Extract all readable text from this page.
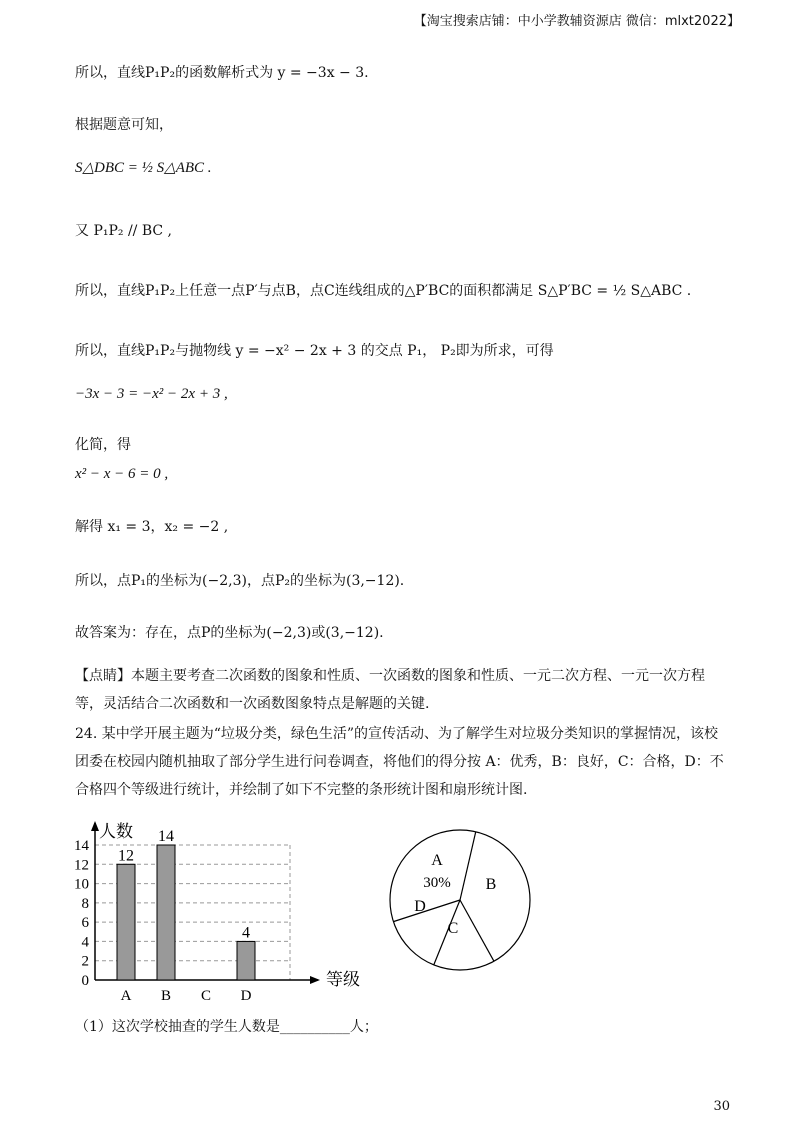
【淘宝搜索店铺：中小学教辅资源店 微信：mlxt2022】
所以，直线P₁P₂的函数解析式为 y = −3x − 3.
根据题意可知，
S△DBC = ½ S△ABC .
又 P₁P₂ // BC ,
所以，直线P₁P₂上任意一点P′与点B，点C连线组成的△P′BC的面积都满足 S△P′BC = ½ S△ABC .
所以，直线P₁P₂与抛物线 y = −x² − 2x + 3 的交点 P₁， P₂即为所求，可得
−3x − 3 = −x² − 2x + 3 ,
化简，得
x² − x − 6 = 0 ,
解得 x₁ = 3，x₂ = −2 ,
所以，点P₁的坐标为(−2,3)，点P₂的坐标为(3,−12).
故答案为：存在，点P的坐标为(−2,3)或(3,−12).
【点睛】本题主要考查二次函数的图象和性质、一次函数的图象和性质、一元二次方程、一元一次方程等，灵活结合二次函数和一次函数图象特点是解题的关键.
24. 某中学开展主题为“垃圾分类，绿色生活”的宣传活动、为了解学生对垃圾分类知识的掌握情况，该校团委在校园内随机抽取了部分学生进行问卷调查，将他们的得分按 A：优秀，B：良好，C：合格，D：不合格四个等级进行统计，并绘制了如下不完整的条形统计图和扇形统计图.
0
2
4
6
8
10
12
14
人数
等级
A
12
B
14
C D
4
A
B
C
D
30%
（1）这次学校抽查的学生人数是__________人；
30
